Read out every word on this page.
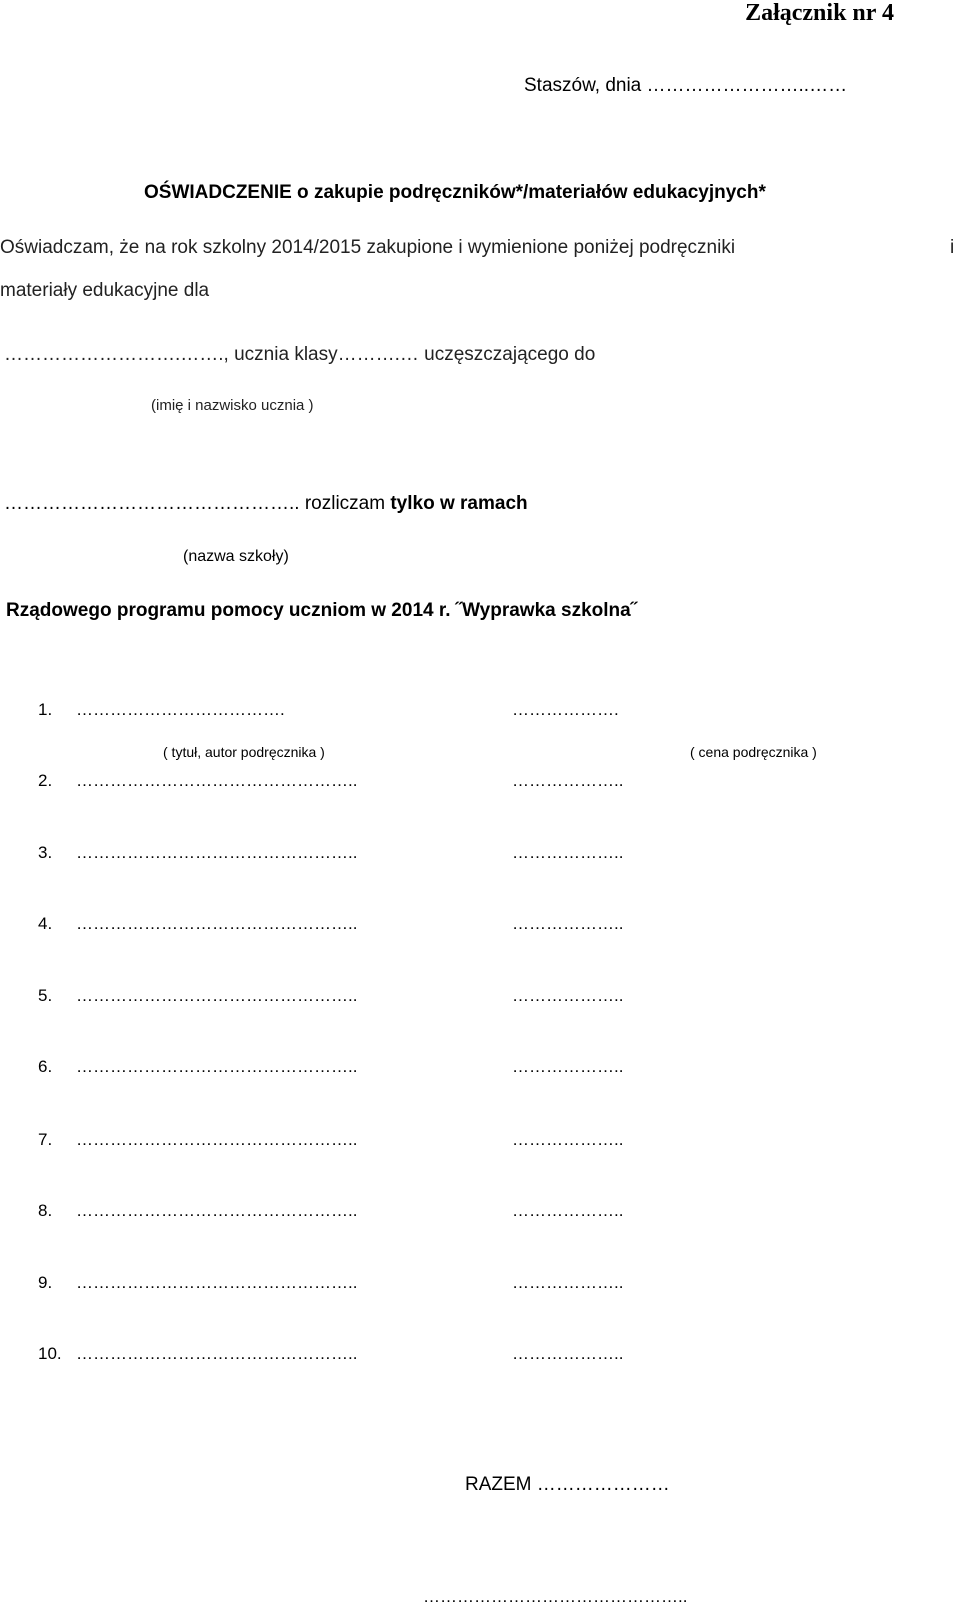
Załącznik nr 4
Staszów, dnia ……………………..……
OŚWIADCZENIE o zakupie podręczników*/materiałów edukacyjnych*
Oświadczam, że na rok szkolny 2014/2015 zakupione i wymienione poniżej podręczniki	i
materiały edukacyjne dla
……………………….……., ucznia klasy……….… uczęszczającego do
(imię i nazwisko ucznia )
……………………………………….. rozliczam tylko w ramach
(nazwa szkoły)
Rządowego programu pomocy uczniom w 2014 r. ˝Wyprawka szkolna˝
1. ……………………………….	……………….
2. …………………………………………..	………………..
3. …………………………………………..	………………..
4. …………………………………………..	………………..
5. …………………………………………..	………………..
6. …………………………………………..	………………..
7. …………………………………………..	………………..
8. …………………………………………..	………………..
9. …………………………………………..	………………..
10. …………………………………………..	………………..
( tytuł, autor podręcznika )	( cena podręcznika )
RAZEM …………………
………………………………………..
